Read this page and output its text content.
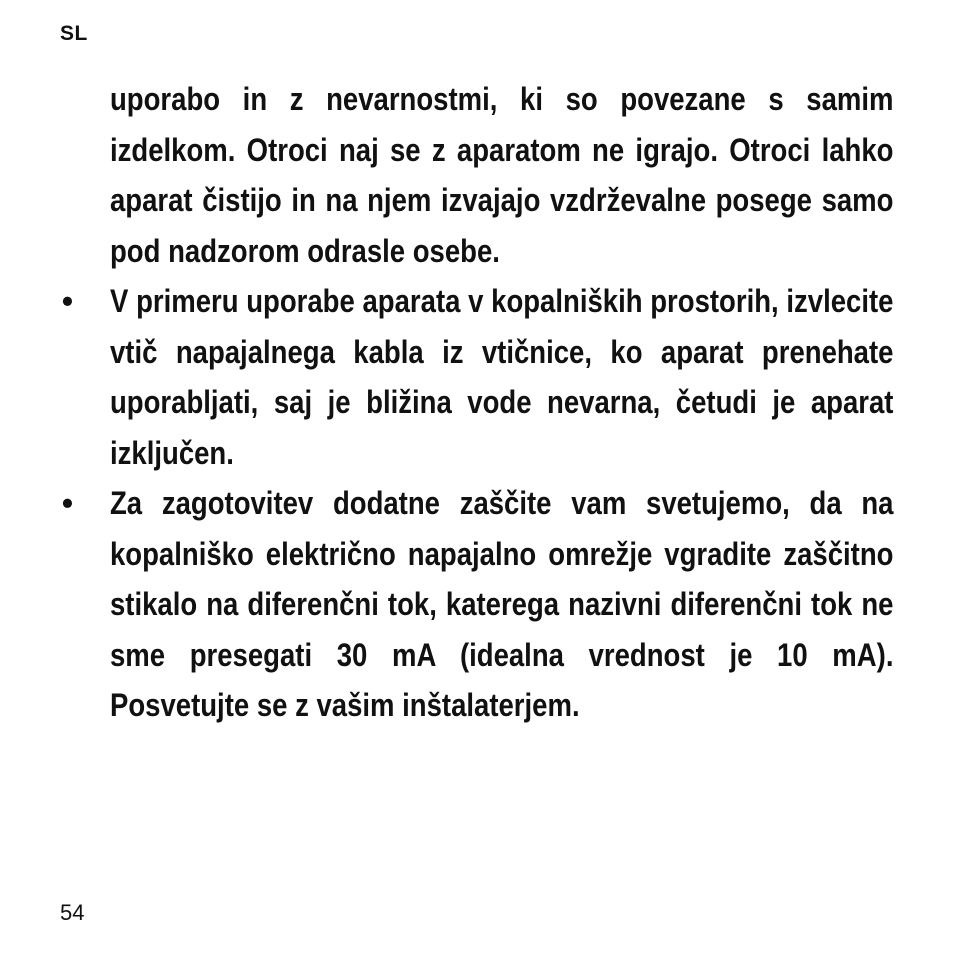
SL

uporabo in z nevarnostmi, ki so povezane s samim izdelkom. Otroci naj se z aparatom ne igrajo. Otroci lahko aparat čistijo in na njem izvajajo vzdrževalne posege samo pod nadzorom odrasle osebe.

•	V primeru uporabe aparata v kopalniških prostorih, izvlecite vtič napajalnega kabla iz vtičnice, ko aparat prenehate uporabljati, saj je bližina vode nevarna, četudi je aparat izključen.

•	Za zagotovitev dodatne zaščite vam svetujemo, da na kopalniško električno napajalno omrežje vgradite zaščitno stikalo na diferenčni tok, katerega nazivni diferenčni tok ne sme presegati 30 mA (idealna vrednost je 10 mA). Posvetujte se z vašim inštalaterjem.

54
